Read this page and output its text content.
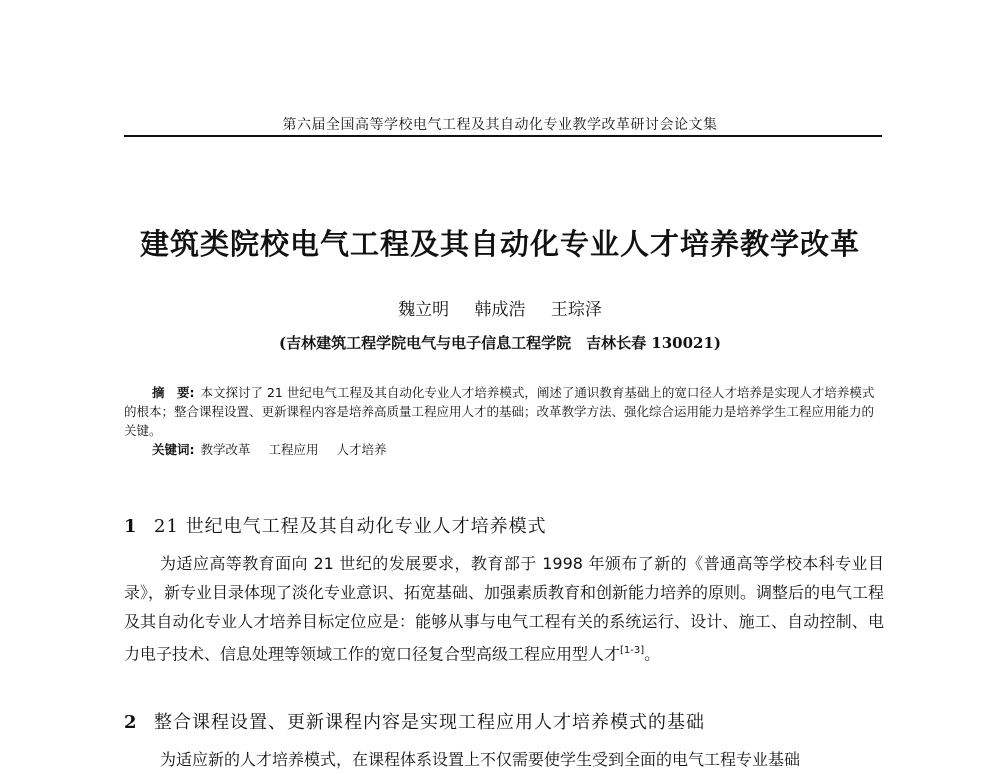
第六届全国高等学校电气工程及其自动化专业教学改革研讨会论文集
建筑类院校电气工程及其自动化专业人才培养教学改革
魏立明 韩成浩 王琮泽
(吉林建筑工程学院电气与电子信息工程学院　吉林长春 130021)

摘　要: 本文探讨了 21 世纪电气工程及其自动化专业人才培养模式，阐述了通识教育基础上的宽口径人才培养是实现人才培养模式的根本；整合课程设置、更新课程内容是培养高质量工程应用人才的基础；改革教学方法、强化综合运用能力是培养学生工程应用能力的关键。

关键词: 教学改革 工程应用 人才培养

1 21 世纪电气工程及其自动化专业人才培养模式

为适应高等教育面向 21 世纪的发展要求，教育部于 1998 年颁布了新的《普通高等学校本科专业目录》，新专业目录体现了淡化专业意识、拓宽基础、加强素质教育和创新能力培养的原则。调整后的电气工程及其自动化专业人才培养目标定位应是：能够从事与电气工程有关的系统运行、设计、施工、自动控制、电力电子技术、信息处理等领域工作的宽口径复合型高级工程应用型人才[1-3]。

2 整合课程设置、更新课程内容是实现工程应用人才培养模式的基础

为适应新的人才培养模式，在课程体系设置上不仅需要使学生受到全面的电气工程专业基础
